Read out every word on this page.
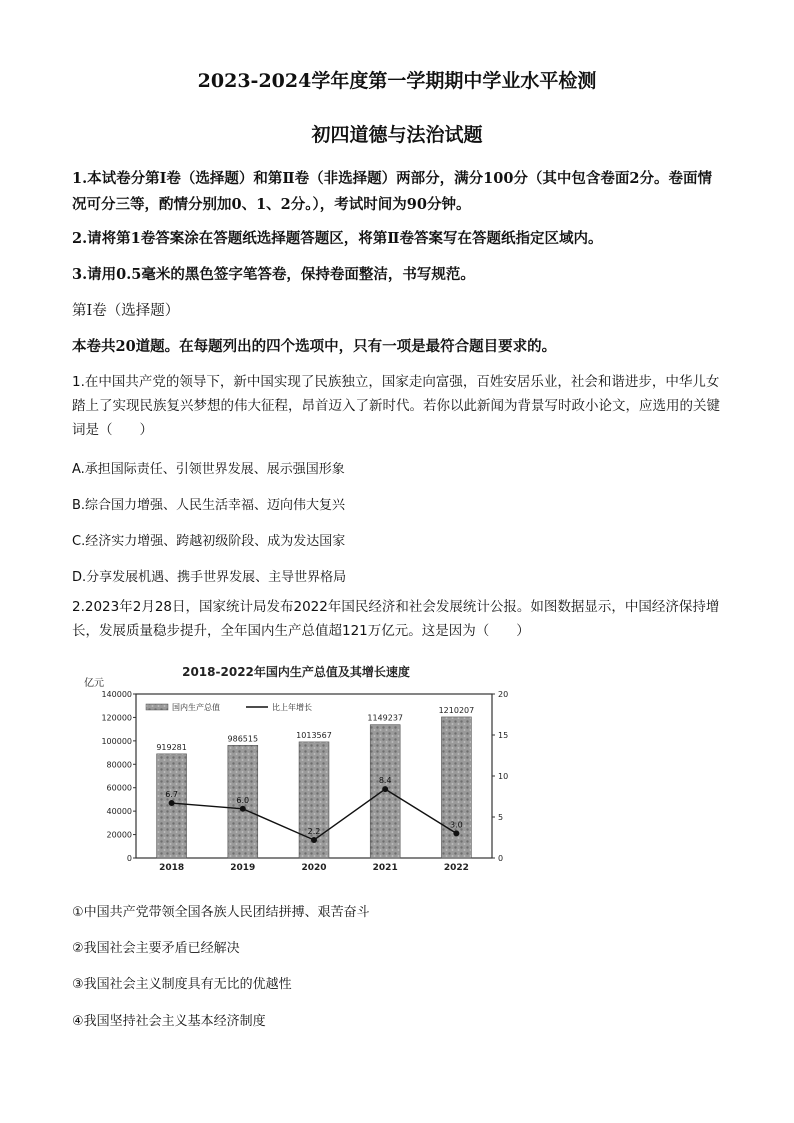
2023-2024学年度第一学期期中学业水平检测
初四道德与法治试题
1.本试卷分第Ⅰ卷（选择题）和第Ⅱ卷（非选择题）两部分，满分100分（其中包含卷面2分。卷面情况可分三等，酌情分别加0、1、2分。），考试时间为90分钟。
2.请将第1卷答案涂在答题纸选择题答题区，将第Ⅱ卷答案写在答题纸指定区域内。
3.请用0.5毫米的黑色签字笔答卷，保持卷面整洁，书写规范。
第Ⅰ卷（选择题）
本卷共20道题。在每题列出的四个选项中，只有一项是最符合题目要求的。
1.在中国共产党的领导下，新中国实现了民族独立，国家走向富强，百姓安居乐业，社会和谐进步，中华儿女踏上了实现民族复兴梦想的伟大征程，昂首迈入了新时代。若你以此新闻为背景写时政小论文，应选用的关键词是（　　）
A.承担国际责任、引领世界发展、展示强国形象
B.综合国力增强、人民生活幸福、迈向伟大复兴
C.经济实力增强、跨越初级阶段、成为发达国家
D.分享发展机遇、携手世界发展、主导世界格局
2.2023年2月28日，国家统计局发布2022年国民经济和社会发展统计公报。如图数据显示，中国经济保持增长，发展质量稳步提升，全年国内生产总值超121万亿元。这是因为（　　）
2018-2022年国内生产总值及其增长速度
亿元
国内生产总值	比上年增长
0
20000
40000
60000
80000
100000
120000
140000
0
5
10
15
20
919281
986515	1013567
1149237
1210207
6.7
6.0
2.2
8.4
3.0
2018	2019	2020	2021	2022
①中国共产党带领全国各族人民团结拼搏、艰苦奋斗
②我国社会主要矛盾已经解决
③我国社会主义制度具有无比的优越性
④我国坚持社会主义基本经济制度
